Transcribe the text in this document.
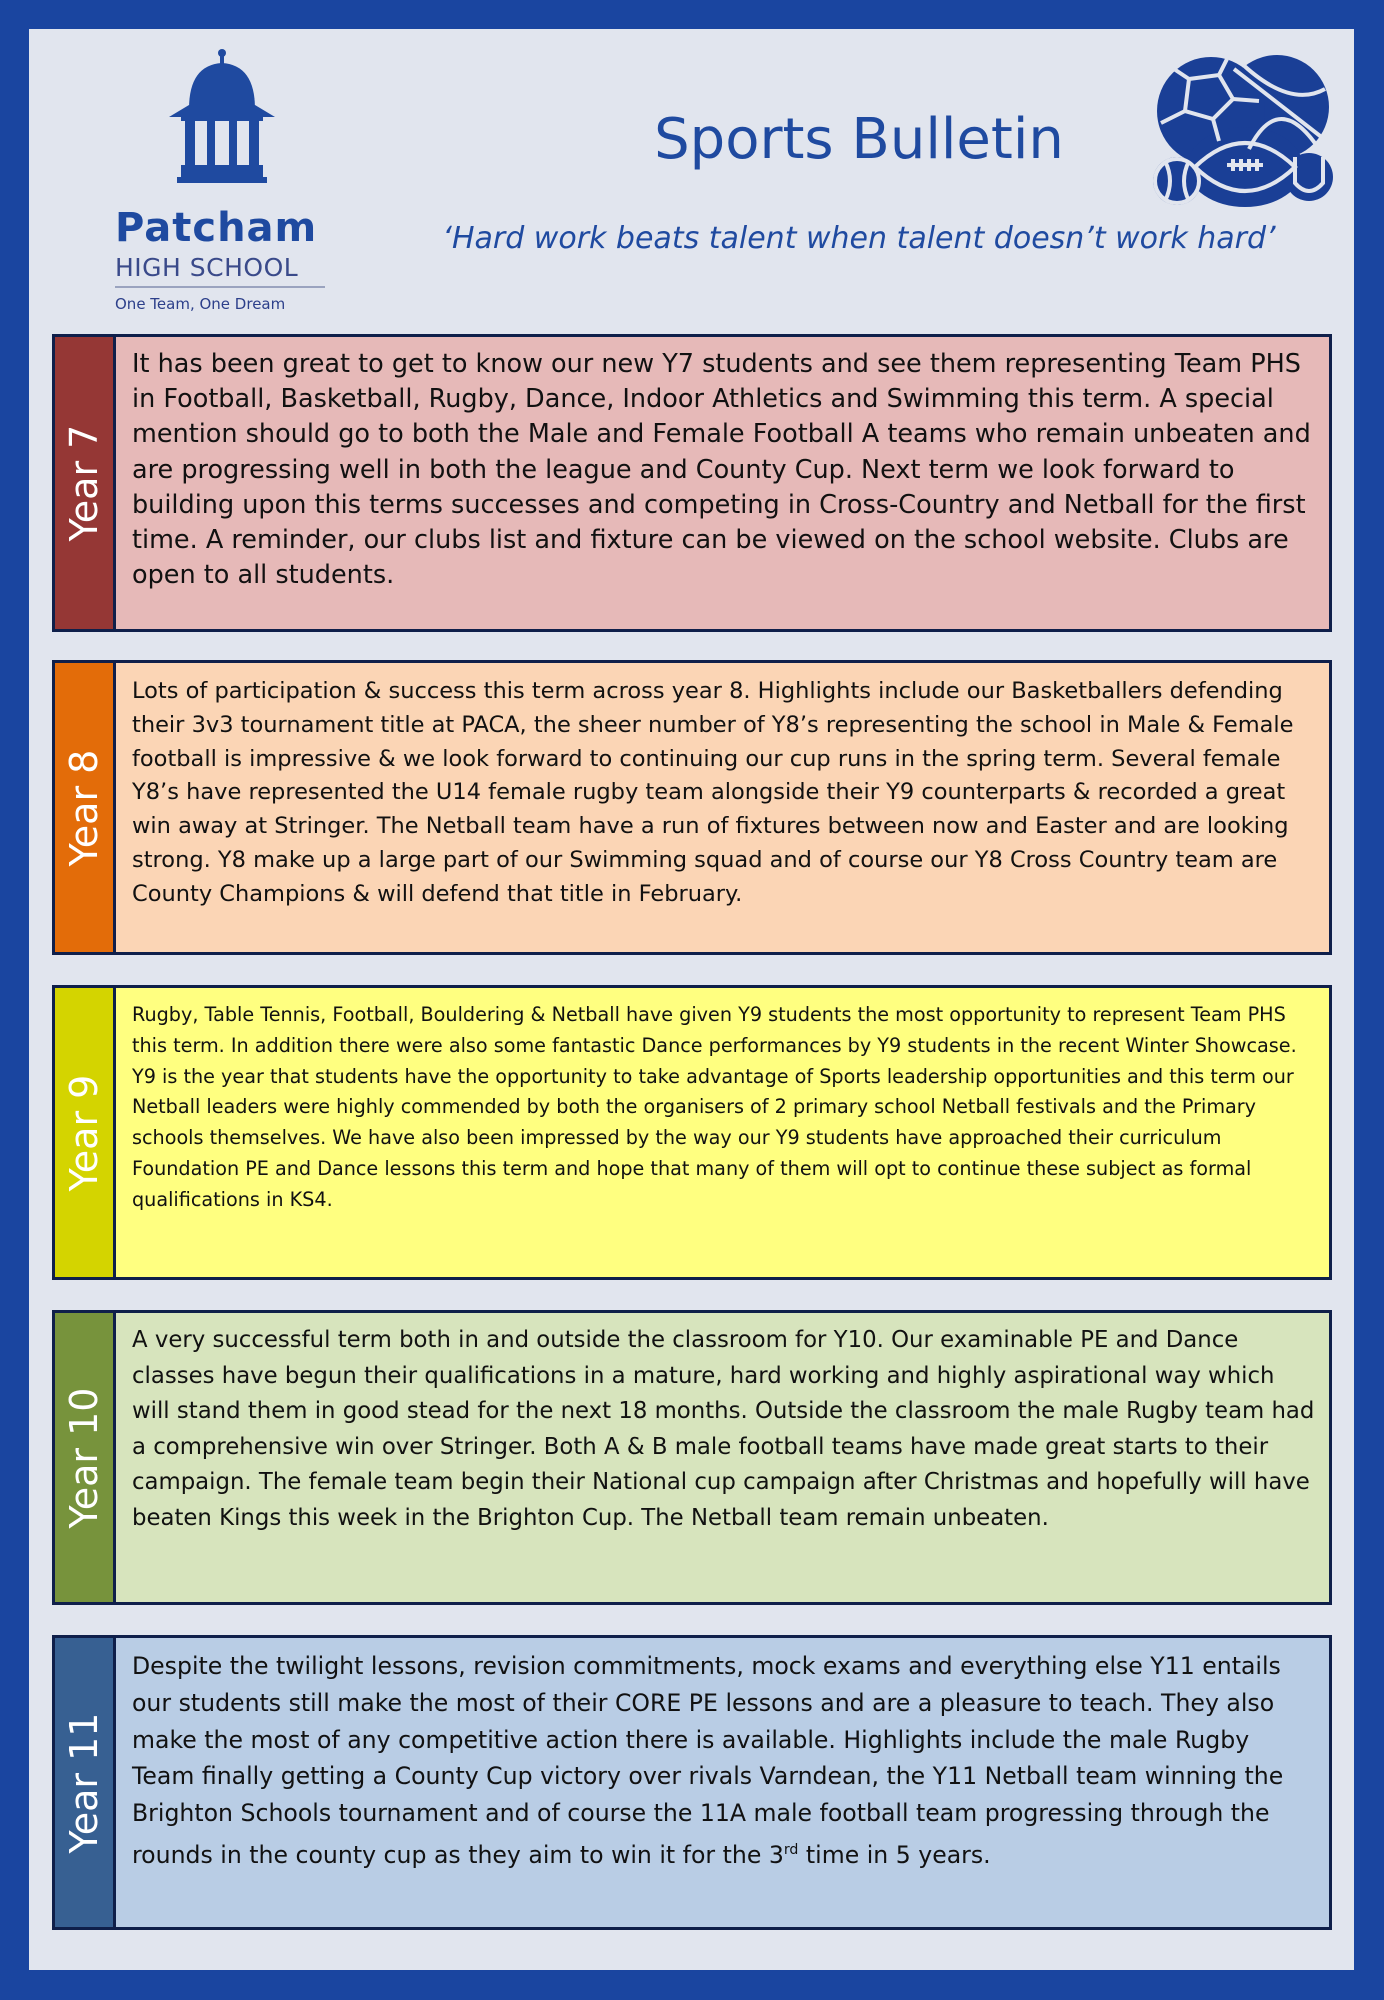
Patcham
HIGH SCHOOL
One Team, One Dream
Sports Bulletin
‘Hard work beats talent when talent doesn’t work hard’
Year 7

It has been great to get to know our new Y7 students and see them representing Team PHS in Football, Basketball, Rugby, Dance, Indoor Athletics and Swimming this term. A special mention should go to both the Male and Female Football A teams who remain unbeaten and are progressing well in both the league and County Cup. Next term we look forward to building upon this terms successes and competing in Cross-Country and Netball for the first time. A reminder, our clubs list and fixture can be viewed on the school website. Clubs are open to all students.

Year 8

Lots of participation & success this term across year 8. Highlights include our Basketballers defending their 3v3 tournament title at PACA, the sheer number of Y8’s representing the school in Male & Female football is impressive & we look forward to continuing our cup runs in the spring term. Several female Y8’s have represented the U14 female rugby team alongside their Y9 counterparts & recorded a great win away at Stringer. The Netball team have a run of fixtures between now and Easter and are looking strong. Y8 make up a large part of our Swimming squad and of course our Y8 Cross Country team are County Champions & will defend that title in February.

Year 9

Rugby, Table Tennis, Football, Bouldering & Netball have given Y9 students the most opportunity to represent Team PHS this term. In addition there were also some fantastic Dance performances by Y9 students in the recent Winter Showcase. Y9 is the year that students have the opportunity to take advantage of Sports leadership opportunities and this term our Netball leaders were highly commended by both the organisers of 2 primary school Netball festivals and the Primary schools themselves. We have also been impressed by the way our Y9 students have approached their curriculum Foundation PE and Dance lessons this term and hope that many of them will opt to continue these subject as formal qualifications in KS4.

Year 10

A very successful term both in and outside the classroom for Y10. Our examinable PE and Dance classes have begun their qualifications in a mature, hard working and highly aspirational way which will stand them in good stead for the next 18 months. Outside the classroom the male Rugby team had a comprehensive win over Stringer. Both A & B male football teams have made great starts to their campaign. The female team begin their National cup campaign after Christmas and hopefully will have beaten Kings this week in the Brighton Cup. The Netball team remain unbeaten.

Year 11

Despite the twilight lessons, revision commitments, mock exams and everything else Y11 entails our students still make the most of their CORE PE lessons and are a pleasure to teach. They also make the most of any competitive action there is available. Highlights include the male Rugby Team finally getting a County Cup victory over rivals Varndean, the Y11 Netball team winning the Brighton Schools tournament and of course the 11A male football team progressing through the rounds in the county cup as they aim to win it for the 3rd time in 5 years.
